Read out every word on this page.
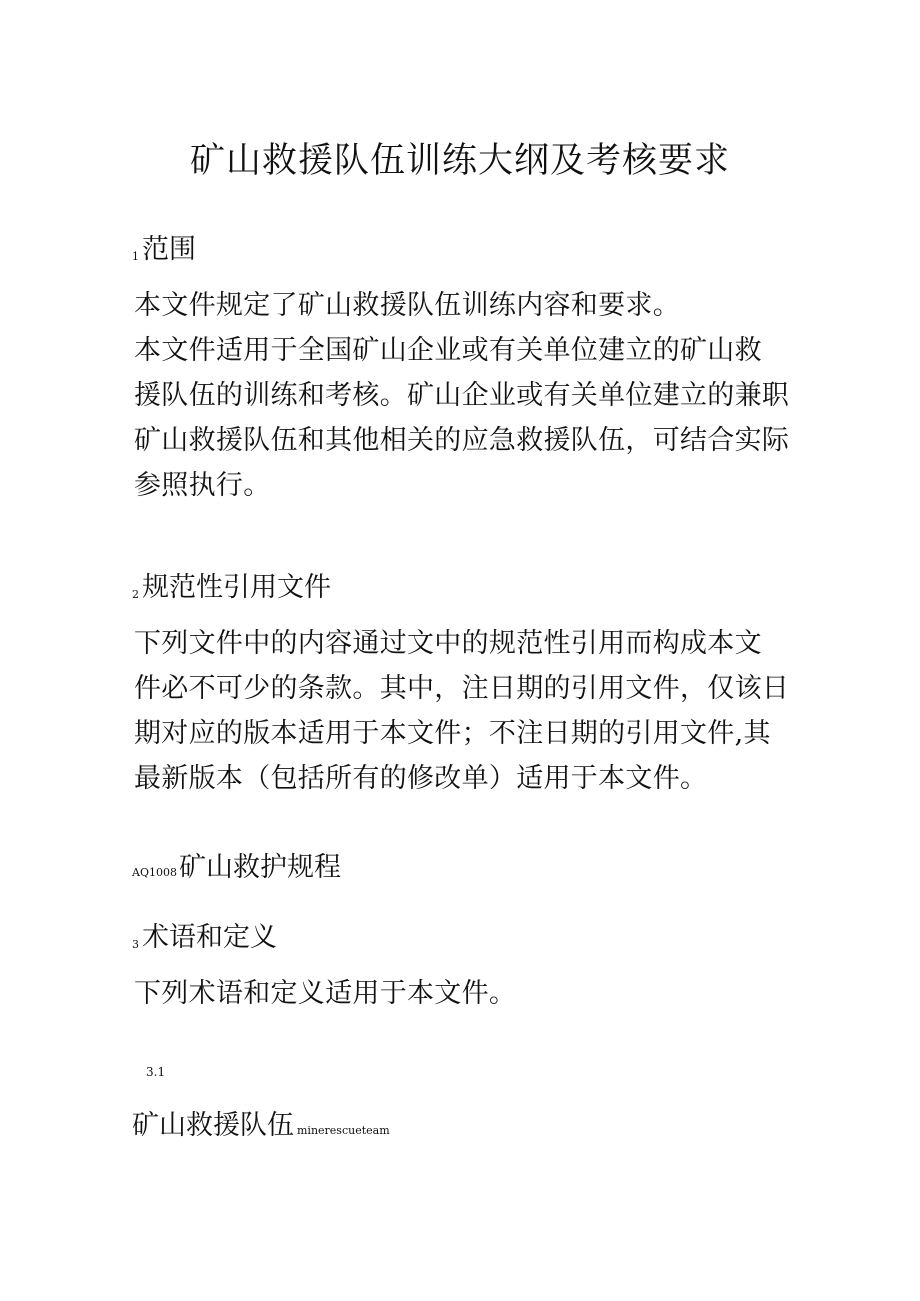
矿山救援队伍训练大纲及考核要求
1 范围
本文件规定了矿山救援队伍训练内容和要求。
本文件适用于全国矿山企业或有关单位建立的矿山救
援队伍的训练和考核。矿山企业或有关单位建立的兼职
矿山救援队伍和其他相关的应急救援队伍，可结合实际
参照执行。
2 规范性引用文件
下列文件中的内容通过文中的规范性引用而构成本文
件必不可少的条款。其中，注日期的引用文件，仅该日
期对应的版本适用于本文件；不注日期的引用文件,其
最新版本（包括所有的修改单）适用于本文件。
AQ1008矿山救护规程
3 术语和定义
下列术语和定义适用于本文件。
3.1
矿山救援队伍 minerescueteam
